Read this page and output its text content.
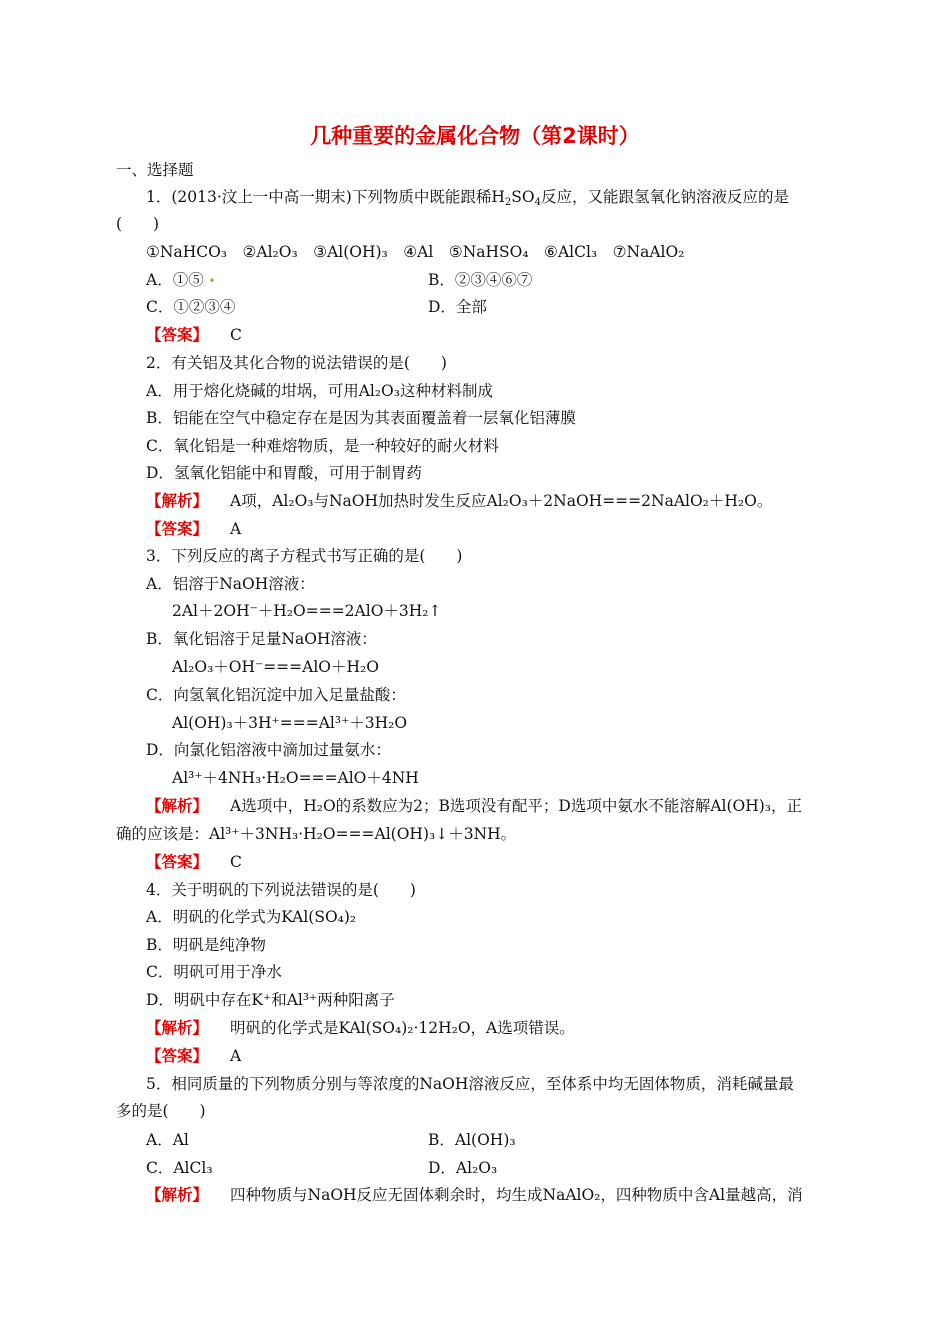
几种重要的金属化合物（第2课时）
一、选择题
1．(2013·汶上一中高一期末)下列物质中既能跟稀$H_2SO_4$反应，又能跟氢氧化钠溶液反应的是
(　　)
①NaHCO₃　②Al₂O₃　③Al(OH)₃　④Al　⑤NaHSO₄　⑥AlCl₃　⑦NaAlO₂
A．①⑤ •	B．②③④⑥⑦
C．①②③④	D．全部
【答案】 C
2．有关铝及其化合物的说法错误的是(　　)
A．用于熔化烧碱的坩埚，可用Al₂O₃这种材料制成
B．铝能在空气中稳定存在是因为其表面覆盖着一层氧化铝薄膜
C．氧化铝是一种难熔物质，是一种较好的耐火材料
D．氢氧化铝能中和胃酸，可用于制胃药
【解析】 A项，Al₂O₃与NaOH加热时发生反应Al₂O₃＋2NaOH===2NaAlO₂＋H₂O。
【答案】 A
3．下列反应的离子方程式书写正确的是(　　)
A．铝溶于NaOH溶液：
2Al＋2OH⁻＋H₂O===2AlO＋3H₂↑
B．氧化铝溶于足量NaOH溶液：
Al₂O₃＋OH⁻===AlO＋H₂O
C．向氢氧化铝沉淀中加入足量盐酸：
Al(OH)₃＋3H⁺===Al³⁺＋3H₂O
D．向氯化铝溶液中滴加过量氨水：
Al³⁺＋4NH₃·H₂O===AlO＋4NH
【解析】 A选项中，H₂O的系数应为2；B选项没有配平；D选项中氨水不能溶解Al(OH)₃，正
确的应该是：Al³⁺＋3NH₃·H₂O===Al(OH)₃↓＋3NH。
【答案】 C
4．关于明矾的下列说法错误的是(　　)
A．明矾的化学式为KAl(SO₄)₂
B．明矾是纯净物
C．明矾可用于净水
D．明矾中存在K⁺和Al³⁺两种阳离子
【解析】 明矾的化学式是KAl(SO₄)₂·12H₂O，A选项错误。
【答案】 A
5．相同质量的下列物质分别与等浓度的NaOH溶液反应，至体系中均无固体物质，消耗碱量最
多的是(　　)
A．Al	B．Al(OH)₃
C．AlCl₃	D．Al₂O₃
【解析】 四种物质与NaOH反应无固体剩余时，均生成NaAlO₂，四种物质中含Al量越高，消
